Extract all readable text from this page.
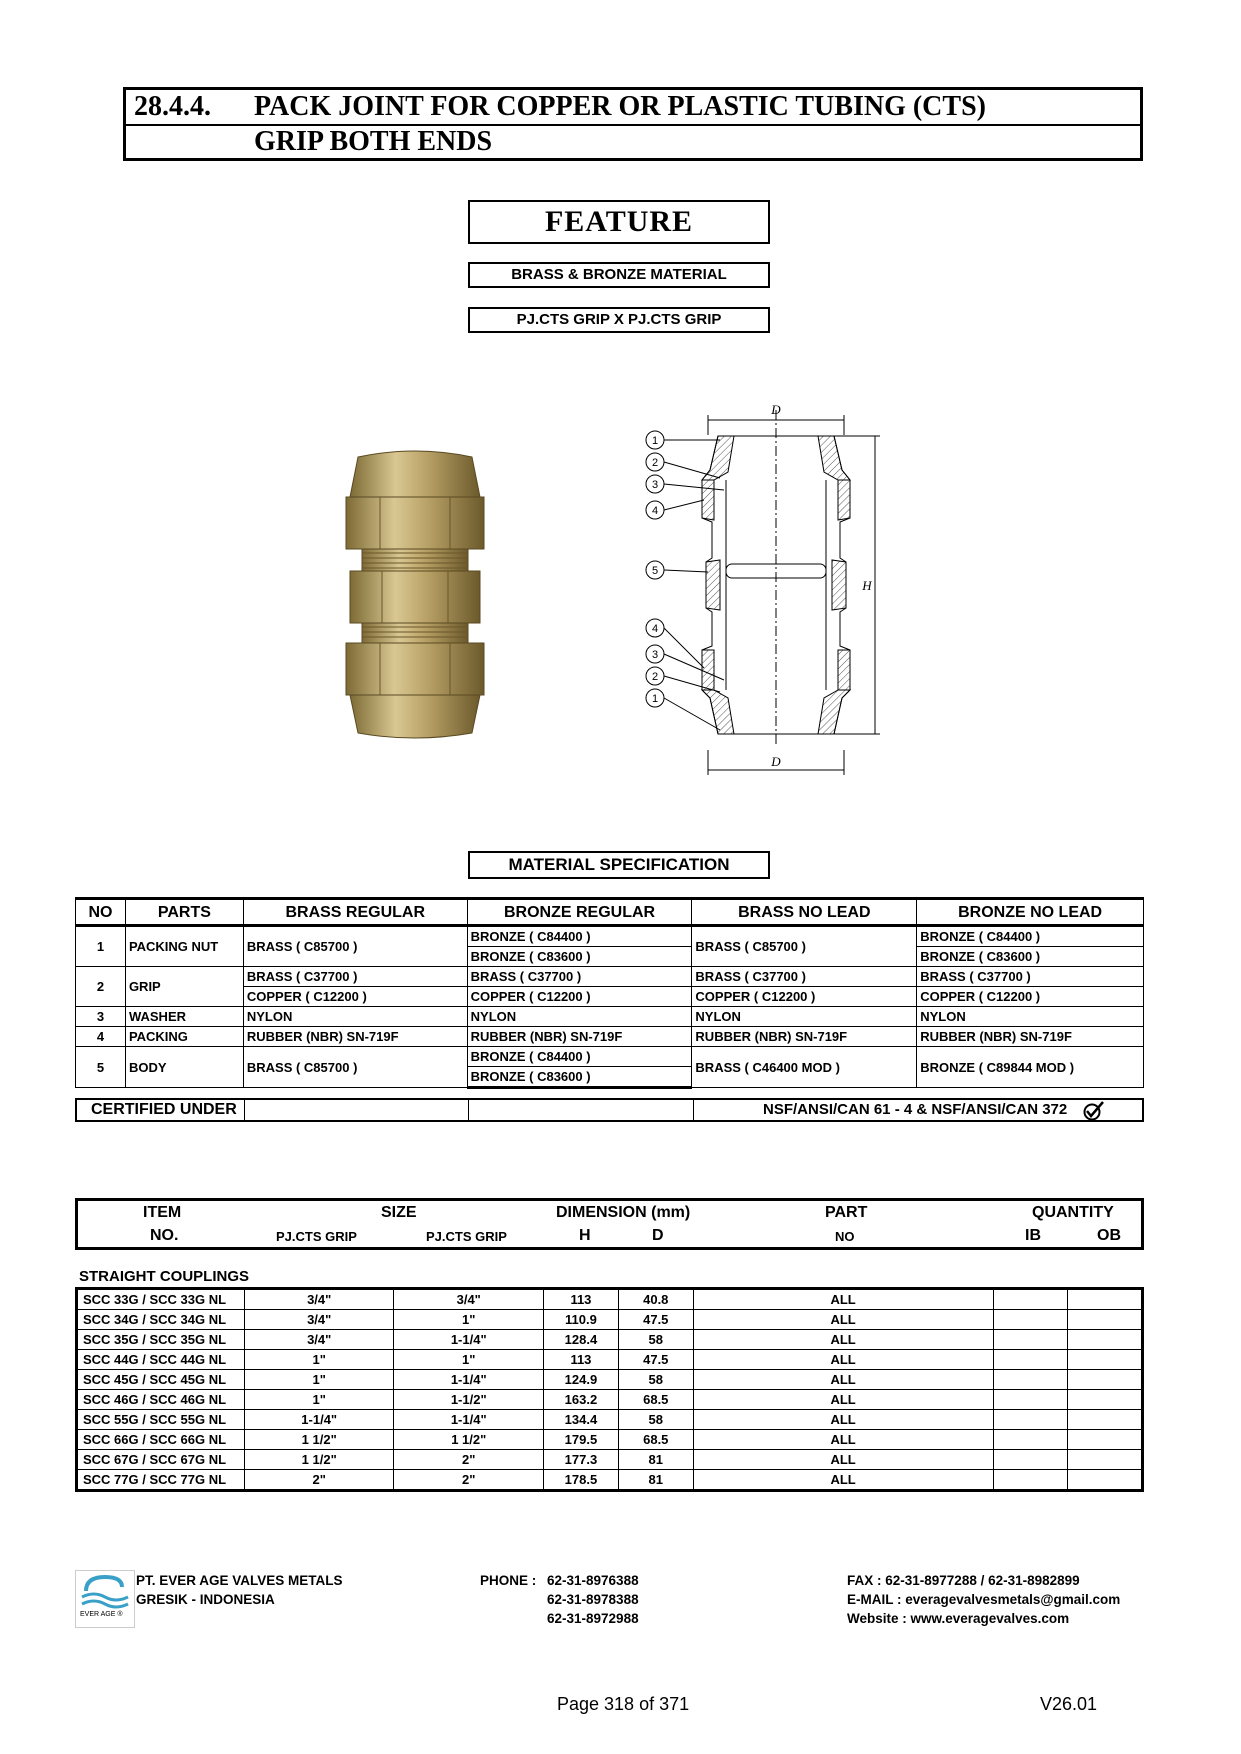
28.4.4. PACK JOINT FOR COPPER OR PLASTIC TUBING (CTS)
GRIP BOTH ENDS
FEATURE
BRASS & BRONZE MATERIAL
PJ.CTS GRIP X PJ.CTS GRIP
1
2
3
4
5
4
3
2
1
D
D
H
MATERIAL SPECIFICATION
NO	PARTS	BRASS REGULAR	BRONZE REGULAR	BRASS NO LEAD	BRONZE NO LEAD
1	PACKING NUT	BRASS ( C85700 )	BRONZE ( C84400 )	BRASS ( C85700 )	BRONZE ( C84400 )
			BRONZE ( C83600 )		BRONZE ( C83600 )
2	GRIP	BRASS ( C37700 )	BRASS ( C37700 )	BRASS ( C37700 )	BRASS ( C37700 )
		COPPER ( C12200 )	COPPER ( C12200 )	COPPER ( C12200 )	COPPER ( C12200 )
3	WASHER	NYLON	NYLON	NYLON	NYLON
4	PACKING	RUBBER (NBR) SN-719F	RUBBER (NBR) SN-719F	RUBBER (NBR) SN-719F	RUBBER (NBR) SN-719F
5	BODY	BRASS ( C85700 )	BRONZE ( C84400 )	BRASS ( C46400 MOD )	BRONZE ( C89844 MOD )
			BRONZE ( C83600 )		
CERTIFIED UNDER	NSF/ANSI/CAN 61 - 4 & NSF/ANSI/CAN 372
ITEM
NO.
SIZE
PJ.CTS GRIP	PJ.CTS GRIP
DIMENSION (mm)
H	D
PART
NO
QUANTITY
IB	OB
STRAIGHT COUPLINGS
SCC 33G / SCC 33G NL	3/4"	3/4"	113	40.8	ALL		
SCC 34G / SCC 34G NL	3/4"	1"	110.9	47.5	ALL		
SCC 35G / SCC 35G NL	3/4"	1-1/4"	128.4	58	ALL		
SCC 44G / SCC 44G NL	1"	1"	113	47.5	ALL		
SCC 45G / SCC 45G NL	1"	1-1/4"	124.9	58	ALL		
SCC 46G / SCC 46G NL	1"	1-1/2"	163.2	68.5	ALL		
SCC 55G / SCC 55G NL	1-1/4"	1-1/4"	134.4	58	ALL		
SCC 66G / SCC 66G NL	1 1/2"	1 1/2"	179.5	68.5	ALL		
SCC 67G / SCC 67G NL	1 1/2"	2"	177.3	81	ALL		
SCC 77G / SCC 77G NL	2"	2"	178.5	81	ALL		
EVER AGE ®
PT. EVER AGE VALVES METALS
GRESIK - INDONESIA
PHONE : 62-31-8976388
62-31-8978388
62-31-8972988
FAX : 62-31-8977288 / 62-31-8982899
E-MAIL : everagevalvesmetals@gmail.com
Website : www.everagevalves.com
Page 318 of 371	V26.01
